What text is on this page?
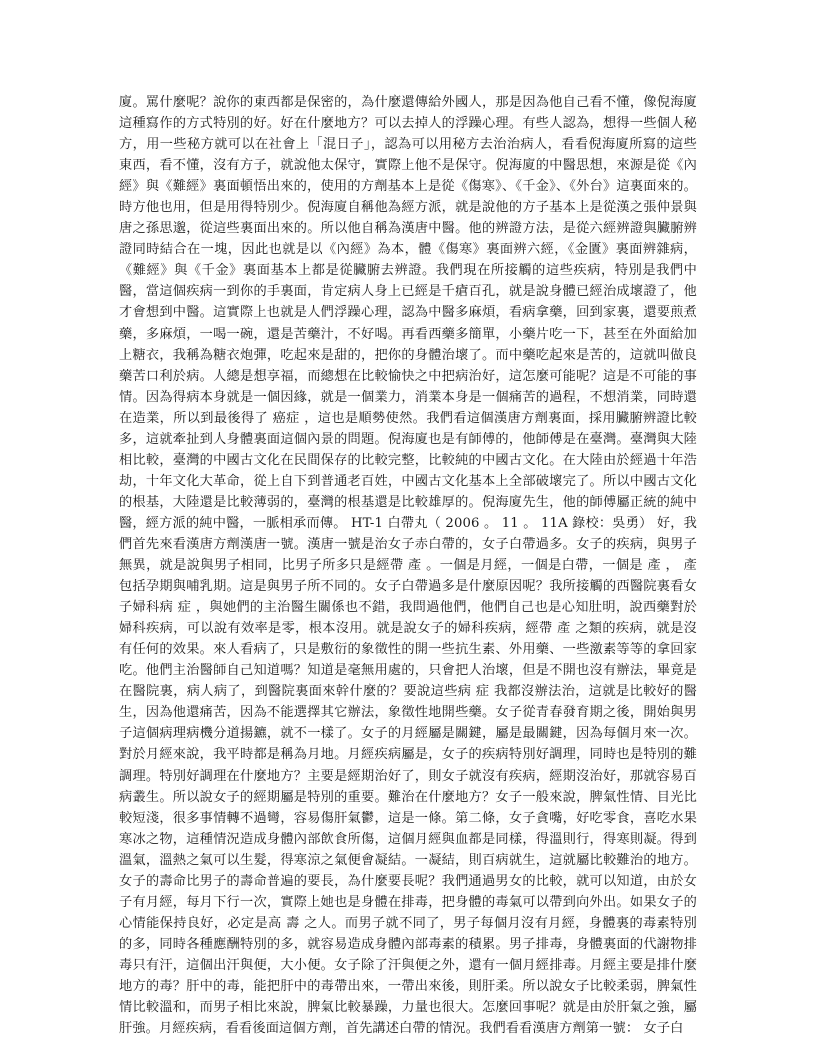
廈。罵什麼呢？說你的東西都是保密的，為什麼還傳給外國人，那是因為他自己看不懂，像倪海廈這種寫作的方式特別的好。好在什麼地方？可以去掉人的浮躁心理。有些人認為，想得一些個人秘方，用一些秘方就可以在社會上「混日子」，認為可以用秘方去治治病人，看看倪海廈所寫的這些東西，看不懂，沒有方子，就說他太保守，實際上他不是保守。倪海廈的中醫思想，來源是從《內經》與《難經》裏面頓悟出來的，使用的方劑基本上是從《傷寒》、《千金》、《外台》這裏面來的。時方他也用，但是用得特別少。倪海廈自稱他為經方派，就是說他的方子基本上是從漢之張仲景與唐之孫思邈，從這些裏面出來的。所以他自稱為漢唐中醫。他的辨證方法，是從六經辨證與臟腑辨證同時結合在一塊，因此也就是以《內經》為本，體《傷寒》裏面辨六經，《金匱》裏面辨雜病，《難經》與《千金》裏面基本上都是從臟腑去辨證。我們現在所接觸的這些疾病，特別是我們中醫，當這個疾病一到你的手裏面，肯定病人身上已經是千瘡百孔，就是說身體已經治成壞證了，他才會想到中醫。這實際上也就是人們浮躁心理，認為中醫多麻煩，看病拿藥，回到家裏，還要煎煮藥，多麻煩，一喝一碗，還是苦藥汁，不好喝。再看西藥多簡單，小藥片吃一下，甚至在外面給加上糖衣，我稱為糖衣炮彈，吃起來是甜的，把你的身體治壞了。而中藥吃起來是苦的，這就叫做良藥苦口利於病。人總是想享福，而總想在比較愉快之中把病治好，這怎麼可能呢？這是不可能的事情。因為得病本身就是一個因緣，就是一個業力，消業本身是一個痛苦的過程，不想消業，同時還在造業，所以到最後得了 癌症 ，這也是順勢使然。我們看這個漢唐方劑裏面，採用臟腑辨證比較多，這就牽扯到人身體裏面這個內景的問題。倪海廈也是有師傅的，他師傅是在臺灣。臺灣與大陸相比較，臺灣的中國古文化在民間保存的比較完整，比較純的中國古文化。在大陸由於經過十年浩劫，十年文化大革命，從上自下到普通老百姓，中國古文化基本上全部破壞完了。所以中國古文化的根基，大陸還是比較薄弱的，臺灣的根基還是比較雄厚的。倪海廈先生，他的師傅屬正統的純中醫，經方派的純中醫，一脈相承而傳。 HT-1 白帶丸（ 2006 。 11 。 11A 錄校：吳勇） 好，我們首先來看漢唐方劑漢唐一號。漢唐一號是治女子赤白帶的，女子白帶過多。女子的疾病，與男子無異，就是說與男子相同，比男子所多只是經帶 產 。一個是月經，一個是白帶，一個是 產 ， 產 包括孕期與哺乳期。這是與男子所不同的。女子白帶過多是什麼原因呢？我所接觸的西醫院裏看女子婦科病 症 ，與她們的主治醫生關係也不錯，我問過他們，他們自己也是心知肚明，說西藥對於婦科疾病，可以說有效率是零，根本沒用。就是說女子的婦科疾病，經帶 產 之類的疾病，就是沒有任何的效果。來人看病了，只是敷衍的象徵性的開一些抗生素、外用藥、一些激素等等的拿回家吃。他們主治醫師自己知道嗎？知道是毫無用處的，只會把人治壞，但是不開也沒有辦法，畢竟是在醫院裏，病人病了，到醫院裏面來幹什麼的？要說這些病 症 我都沒辦法治，這就是比較好的醫生，因為他還痛苦，因為不能選擇其它辦法，象徵性地開些藥。女子從青春發育期之後，開始與男子這個病理病機分道揚鑣，就不一樣了。女子的月經屬是關鍵，屬是最關鍵，因為每個月來一次。對於月經來說，我平時都是稱為月地。月經疾病屬是，女子的疾病特別好調理，同時也是特別的難調理。特別好調理在什麼地方？主要是經期治好了，則女子就沒有疾病，經期沒治好，那就容易百病叢生。所以說女子的經期屬是特別的重要。難治在什麼地方？女子一般來說，脾氣性情、目光比較短淺，很多事情轉不過彎，容易傷肝氣鬱，這是一條。第二條，女子貪嘴，好吃零食，喜吃水果寒冰之物，這種情況造成身體內部飲食所傷，這個月經與血都是同樣，得溫則行，得寒則凝。得到溫氣，溫熱之氣可以生髮，得寒涼之氣便會凝結。一凝結，則百病就生，這就屬比較難治的地方。女子的壽命比男子的壽命普遍的要長，為什麼要長呢？我們通過男女的比較，就可以知道，由於女子有月經，每月下行一次，實際上她也是身體在排毒，把身體的毒氣可以帶到向外出。如果女子的心情能保持良好，必定是高 壽 之人。而男子就不同了，男子每個月沒有月經，身體裏的毒素特別的多，同時各種應酬特別的多，就容易造成身體內部毒素的積累。男子排毒，身體裏面的代謝物排毒只有汗，這個出汗與便，大小便。女子除了汗與便之外，還有一個月經排毒。月經主要是排什麼地方的毒？肝中的毒，能把肝中的毒帶出來，一帶出來後，則肝柔。所以說女子比較柔弱，脾氣性情比較溫和，而男子相比來說，脾氣比較暴躁，力量也很大。怎麼回事呢？就是由於肝氣之強，屬肝強。月經疾病，看看後面這個方劑，首先講述白帶的情況。我們看看漢唐方劑第一號： 女子白
